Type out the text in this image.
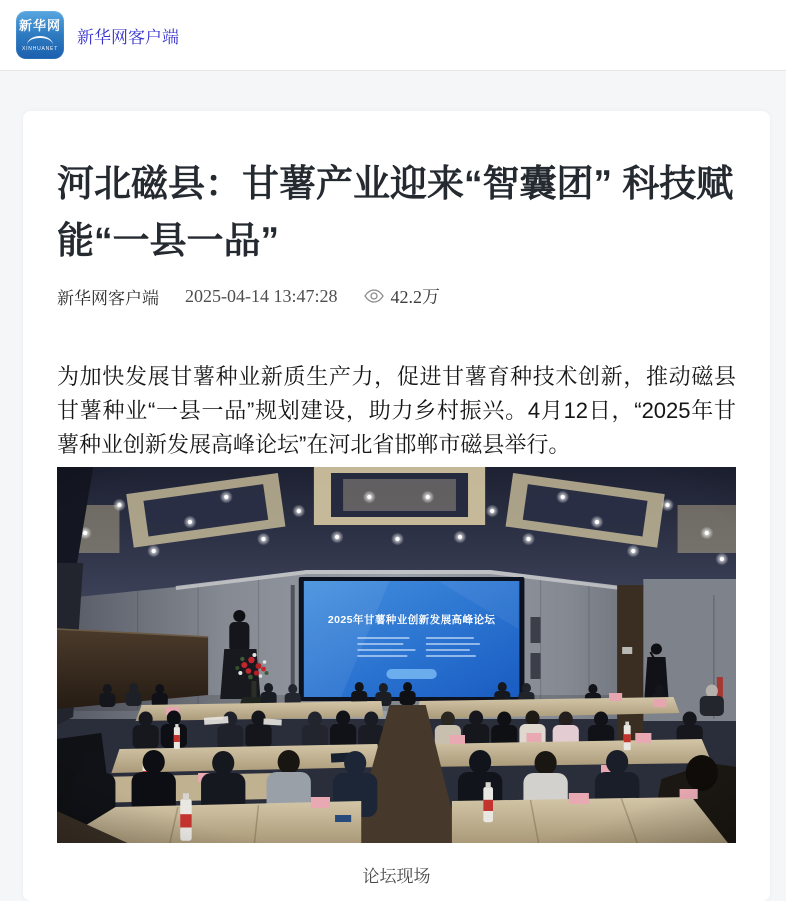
新华网
XINHUANET
新华网客户端
河北磁县：甘薯产业迎来“智囊团” 科技赋能“一县一品”
新华网客户端 2025-04-14 13:47:28	42.2万

为加快发展甘薯种业新质生产力，促进甘薯育种技术创新，推动磁县甘薯种业“一县一品”规划建设，助力乡村振兴。4月12日，“2025年甘薯种业创新发展高峰论坛”在河北省邯郸市磁县举行。

论坛现场
